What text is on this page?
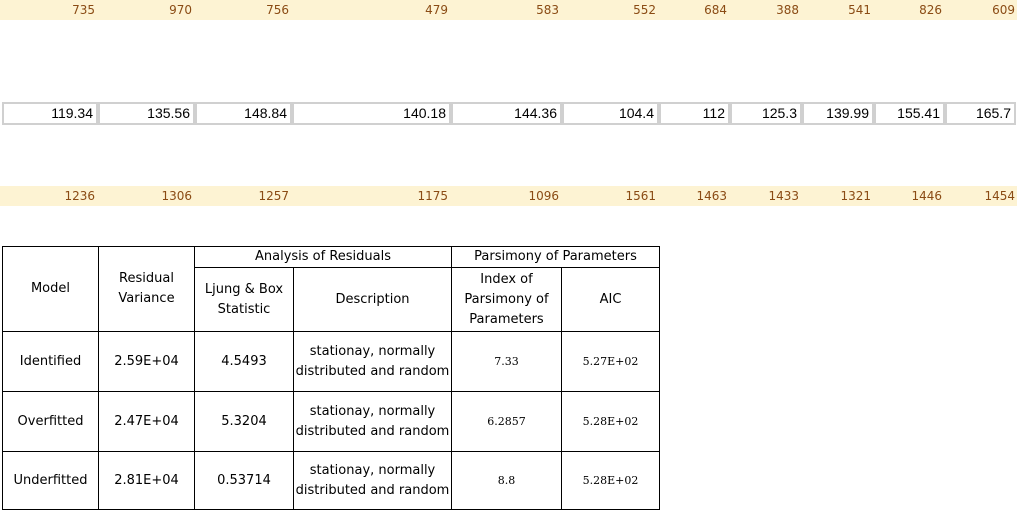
735	970	756	479	583	552	684	388	541	826	609
119.34	135.56	148.84	140.18	144.36	104.4	112	125.3	139.99	155.41	165.7
1236	1306	1257	1175	1096	1561	1463	1433	1321	1446	1454
Model	Residual Variance	Analysis of Residuals		Parsimony of Parameters	
		Ljung & Box Statistic	Description	Index of Parsimony of Parameters	AIC
Identified	2.59E+04	4.5493	stationay, normally distributed and random	7.33	5.27E+02
Overfitted	2.47E+04	5.3204	stationay, normally distributed and random	6.2857	5.28E+02
Underfitted	2.81E+04	0.53714	stationay, normally distributed and random	8.8	5.28E+02
